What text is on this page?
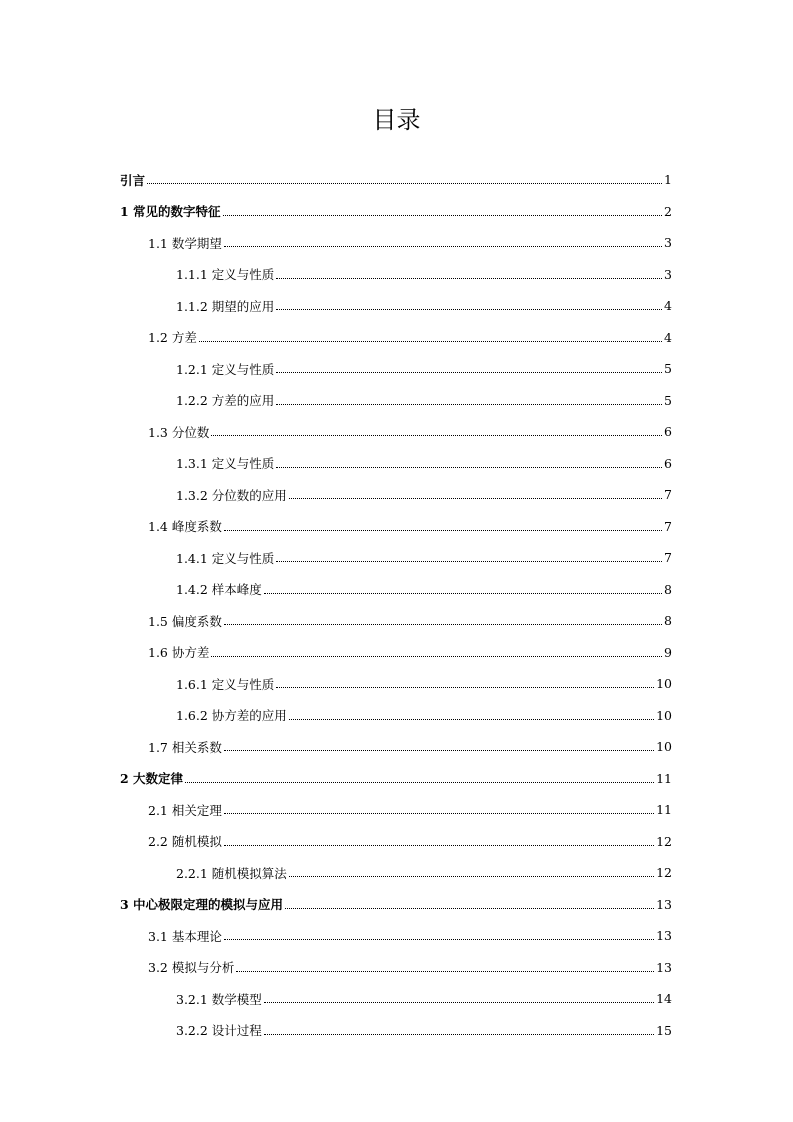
目录
引言	1
1 常见的数字特征	2
1.1 数学期望	3
1.1.1 定义与性质	3
1.1.2 期望的应用	4
1.2 方差	4
1.2.1 定义与性质	5
1.2.2 方差的应用	5
1.3 分位数	6
1.3.1 定义与性质	6
1.3.2 分位数的应用	7
1.4 峰度系数	7
1.4.1 定义与性质	7
1.4.2 样本峰度	8
1.5 偏度系数	8
1.6 协方差	9
1.6.1 定义与性质	10
1.6.2 协方差的应用	10
1.7 相关系数	10
2 大数定律	11
2.1 相关定理	11
2.2 随机模拟	12
2.2.1 随机模拟算法	12
3 中心极限定理的模拟与应用	13
3.1 基本理论	13
3.2 模拟与分析	13
3.2.1 数学模型	14
3.2.2 设计过程	15
